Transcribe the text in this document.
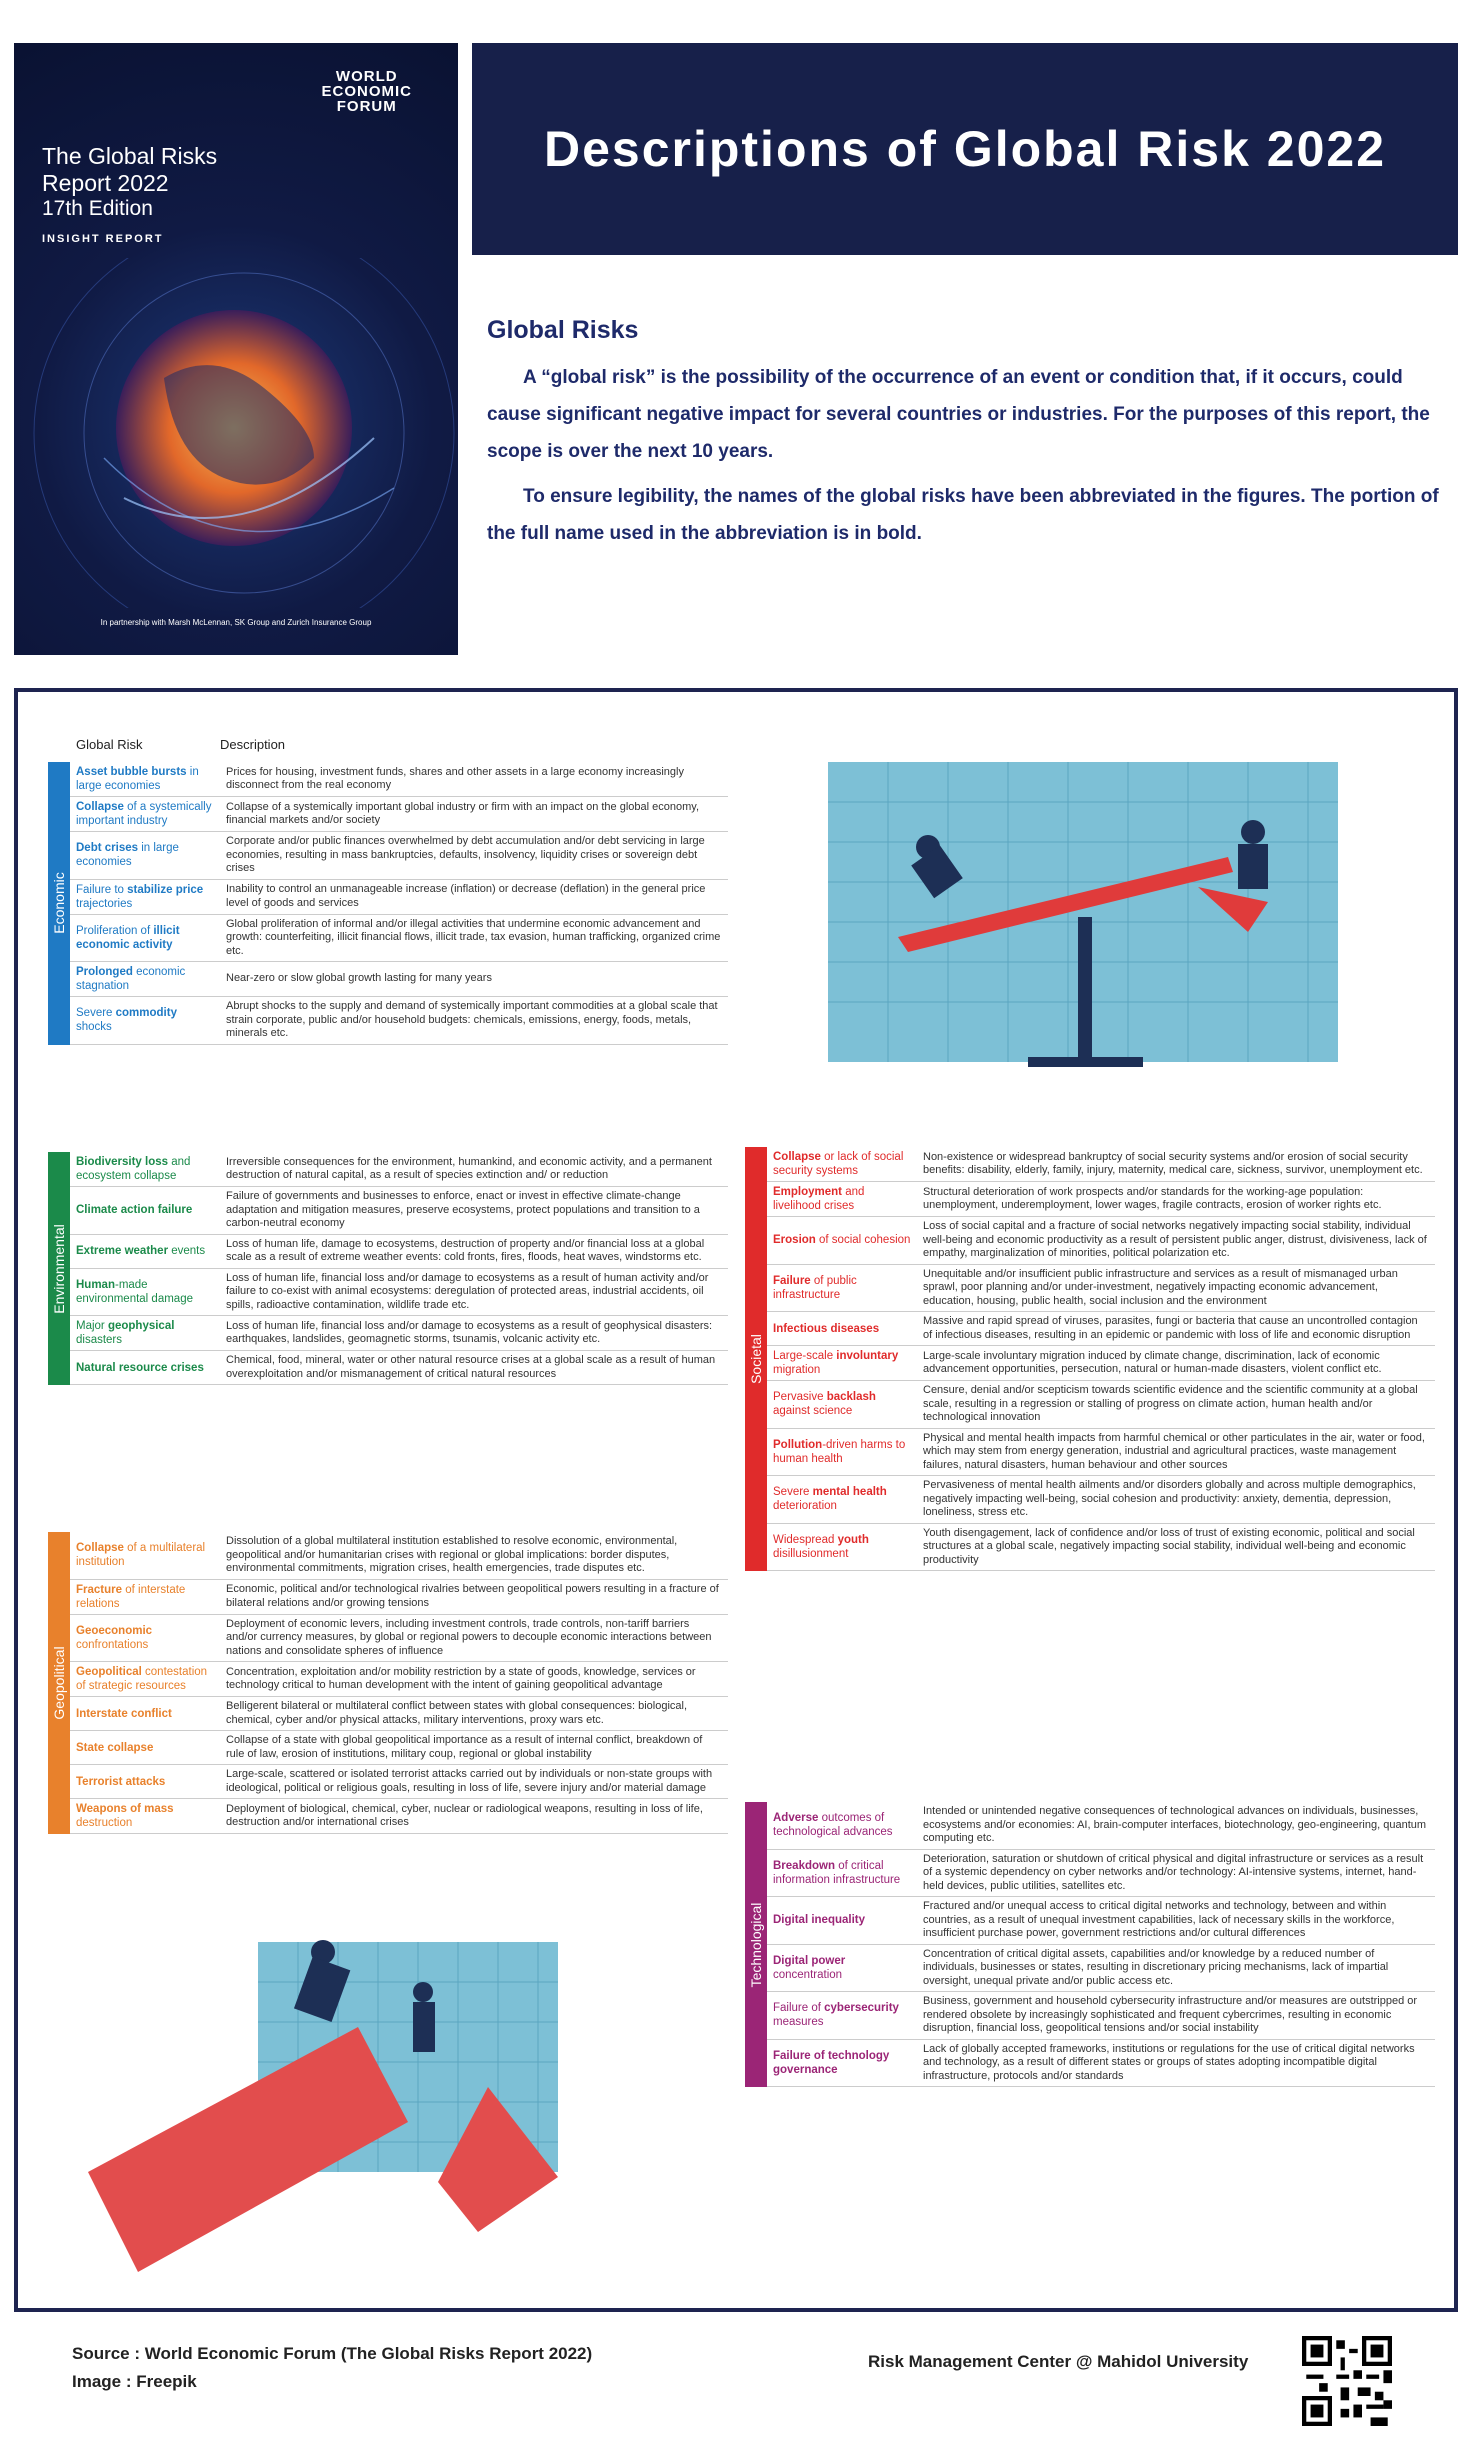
WORLD
ECONOMIC
FORUM
The Global Risks
Report 2022
17th Edition
INSIGHT REPORT
In partnership with Marsh McLennan, SK Group and Zurich Insurance Group
Descriptions of Global Risk 2022
Global Risks

A “global risk” is the possibility of the occurrence of an event or condition that, if it occurs, could cause significant negative impact for several countries or industries. For the purposes of this report, the scope is over the next 10 years.

To ensure legibility, the names of the global risks have been abbreviated in the figures. The portion of the full name used in the abbreviation is in bold.

Global Risk	Description
Economic
Asset bubble bursts in large economies
Prices for housing, investment funds, shares and other assets in a large economy increasingly disconnect from the real economy
Collapse of a systemically important industry
Collapse of a systemically important global industry or firm with an impact on the global economy, financial markets and/or society
Debt crises in large economies
Corporate and/or public finances overwhelmed by debt accumulation and/or debt servicing in large economies, resulting in mass bankruptcies, defaults, insolvency, liquidity crises or sovereign debt crises
Failure to stabilize price trajectories
Inability to control an unmanageable increase (inflation) or decrease (deflation) in the general price level of goods and services
Proliferation of illicit economic activity
Global proliferation of informal and/or illegal activities that undermine economic advancement and growth: counterfeiting, illicit financial flows, illicit trade, tax evasion, human trafficking, organized crime etc.
Prolonged economic stagnation
Near-zero or slow global growth lasting for many years
Severe commodity shocks
Abrupt shocks to the supply and demand of systemically important commodities at a global scale that strain corporate, public and/or household budgets: chemicals, emissions, energy, foods, metals, minerals etc.
Environmental
Biodiversity loss and ecosystem collapse
Irreversible consequences for the environment, humankind, and economic activity, and a permanent destruction of natural capital, as a result of species extinction and/ or reduction
Climate action failure
Failure of governments and businesses to enforce, enact or invest in effective climate-change adaptation and mitigation measures, preserve ecosystems, protect populations and transition to a carbon-neutral economy
Extreme weather events
Loss of human life, damage to ecosystems, destruction of property and/or financial loss at a global scale as a result of extreme weather events: cold fronts, fires, floods, heat waves, windstorms etc.
Human-made environmental damage
Loss of human life, financial loss and/or damage to ecosystems as a result of human activity and/or failure to co-exist with animal ecosystems: deregulation of protected areas, industrial accidents, oil spills, radioactive contamination, wildlife trade etc.
Major geophysical disasters
Loss of human life, financial loss and/or damage to ecosystems as a result of geophysical disasters: earthquakes, landslides, geomagnetic storms, tsunamis, volcanic activity etc.
Natural resource crises
Chemical, food, mineral, water or other natural resource crises at a global scale as a result of human overexploitation and/or mismanagement of critical natural resources
Geopolitical
Collapse of a multilateral institution
Dissolution of a global multilateral institution established to resolve economic, environmental, geopolitical and/or humanitarian crises with regional or global implications: border disputes, environmental commitments, migration crises, health emergencies, trade disputes etc.
Fracture of interstate relations
Economic, political and/or technological rivalries between geopolitical powers resulting in a fracture of bilateral relations and/or growing tensions
Geoeconomic confrontations
Deployment of economic levers, including investment controls, trade controls, non-tariff barriers and/or currency measures, by global or regional powers to decouple economic interactions between nations and consolidate spheres of influence
Geopolitical contestation of strategic resources
Concentration, exploitation and/or mobility restriction by a state of goods, knowledge, services or technology critical to human development with the intent of gaining geopolitical advantage
Interstate conflict
Belligerent bilateral or multilateral conflict between states with global consequences: biological, chemical, cyber and/or physical attacks, military interventions, proxy wars etc.
State collapse
Collapse of a state with global geopolitical importance as a result of internal conflict, breakdown of rule of law, erosion of institutions, military coup, regional or global instability
Terrorist attacks
Large-scale, scattered or isolated terrorist attacks carried out by individuals or non-state groups with ideological, political or religious goals, resulting in loss of life, severe injury and/or material damage
Weapons of mass destruction
Deployment of biological, chemical, cyber, nuclear or radiological weapons, resulting in loss of life, destruction and/or international crises
Societal
Collapse or lack of social security systems
Non-existence or widespread bankruptcy of social security systems and/or erosion of social security benefits: disability, elderly, family, injury, maternity, medical care, sickness, survivor, unemployment etc.
Employment and livelihood crises
Structural deterioration of work prospects and/or standards for the working-age population: unemployment, underemployment, lower wages, fragile contracts, erosion of worker rights etc.
Erosion of social cohesion
Loss of social capital and a fracture of social networks negatively impacting social stability, individual well-being and economic productivity as a result of persistent public anger, distrust, divisiveness, lack of empathy, marginalization of minorities, political polarization etc.
Failure of public infrastructure
Unequitable and/or insufficient public infrastructure and services as a result of mismanaged urban sprawl, poor planning and/or under-investment, negatively impacting economic advancement, education, housing, public health, social inclusion and the environment
Infectious diseases
Massive and rapid spread of viruses, parasites, fungi or bacteria that cause an uncontrolled contagion of infectious diseases, resulting in an epidemic or pandemic with loss of life and economic disruption
Large-scale involuntary migration
Large-scale involuntary migration induced by climate change, discrimination, lack of economic advancement opportunities, persecution, natural or human-made disasters, violent conflict etc.
Pervasive backlash against science
Censure, denial and/or scepticism towards scientific evidence and the scientific community at a global scale, resulting in a regression or stalling of progress on climate action, human health and/or technological innovation
Pollution-driven harms to human health
Physical and mental health impacts from harmful chemical or other particulates in the air, water or food, which may stem from energy generation, industrial and agricultural practices, waste management failures, natural disasters, human behaviour and other sources
Severe mental health deterioration
Pervasiveness of mental health ailments and/or disorders globally and across multiple demographics, negatively impacting well-being, social cohesion and productivity: anxiety, dementia, depression, loneliness, stress etc.
Widespread youth disillusionment
Youth disengagement, lack of confidence and/or loss of trust of existing economic, political and social structures at a global scale, negatively impacting social stability, individual well-being and economic productivity
Technological
Adverse outcomes of technological advances
Intended or unintended negative consequences of technological advances on individuals, businesses, ecosystems and/or economies: AI, brain-computer interfaces, biotechnology, geo-engineering, quantum computing etc.
Breakdown of critical information infrastructure
Deterioration, saturation or shutdown of critical physical and digital infrastructure or services as a result of a systemic dependency on cyber networks and/or technology: AI-intensive systems, internet, hand-held devices, public utilities, satellites etc.
Digital inequality
Fractured and/or unequal access to critical digital networks and technology, between and within countries, as a result of unequal investment capabilities, lack of necessary skills in the workforce, insufficient purchase power, government restrictions and/or cultural differences
Digital power concentration
Concentration of critical digital assets, capabilities and/or knowledge by a reduced number of individuals, businesses or states, resulting in discretionary pricing mechanisms, lack of impartial oversight, unequal private and/or public access etc.
Failure of cybersecurity measures
Business, government and household cybersecurity infrastructure and/or measures are outstripped or rendered obsolete by increasingly sophisticated and frequent cybercrimes, resulting in economic disruption, financial loss, geopolitical tensions and/or social instability
Failure of technology governance
Lack of globally accepted frameworks, institutions or regulations for the use of critical digital networks and technology, as a result of different states or groups of states adopting incompatible digital infrastructure, protocols and/or standards
Source : World Economic Forum (The Global Risks Report 2022)
Image : Freepik
Risk Management Center @ Mahidol University
